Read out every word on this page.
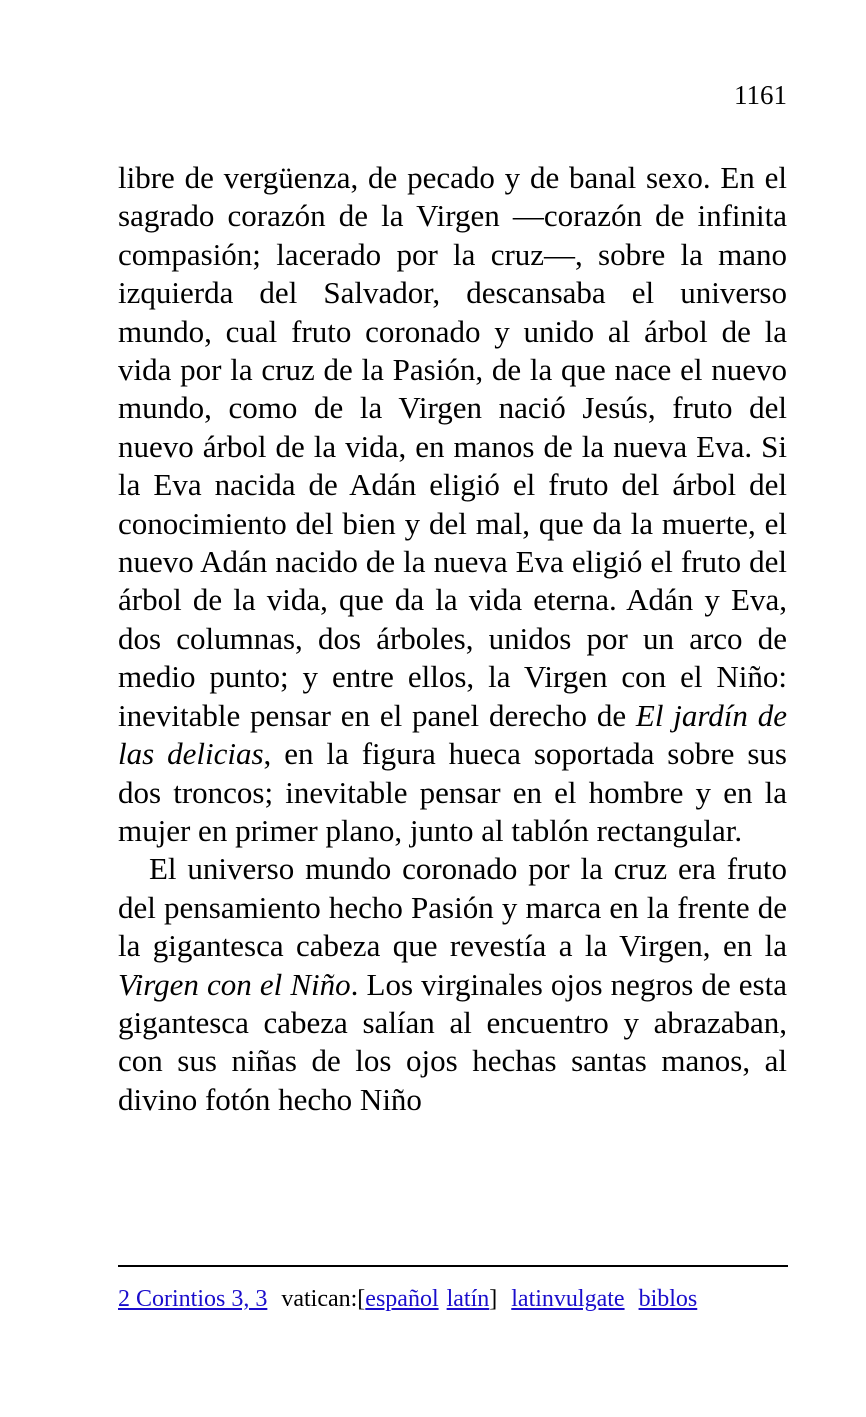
1161

libre de vergüenza, de pecado y de banal sexo. En el sagrado corazón de la Virgen —corazón de infinita compasión; lacerado por la cruz—, sobre la mano izquierda del Salvador, descansaba el universo mundo, cual fruto coronado y unido al árbol de la vida por la cruz de la Pasión, de la que nace el nuevo mundo, como de la Virgen nació Jesús, fruto del nuevo árbol de la vida, en manos de la nueva Eva. Si la Eva nacida de Adán eligió el fruto del árbol del conocimiento del bien y del mal, que da la muerte, el nuevo Adán nacido de la nueva Eva eligió el fruto del árbol de la vida, que da la vida eterna. Adán y Eva, dos columnas, dos árboles, unidos por un arco de medio punto; y entre ellos, la Virgen con el Niño: inevitable pensar en el panel derecho de El jardín de las delicias, en la figura hueca soportada sobre sus dos troncos; inevitable pensar en el hombre y en la mujer en primer plano, junto al tablón rectangular.

El universo mundo coronado por la cruz era fruto del pensamiento hecho Pasión y marca en la frente de la gigantesca cabeza que revestía a la Virgen, en la Virgen con el Niño. Los virginales ojos negros de esta gigantesca cabeza salían al encuentro y abrazaban, con sus niñas de los ojos hechas santas manos, al divino fotón hecho Niño

2 Corintios 3, 3 vatican:[español latín] latinvulgate biblos
